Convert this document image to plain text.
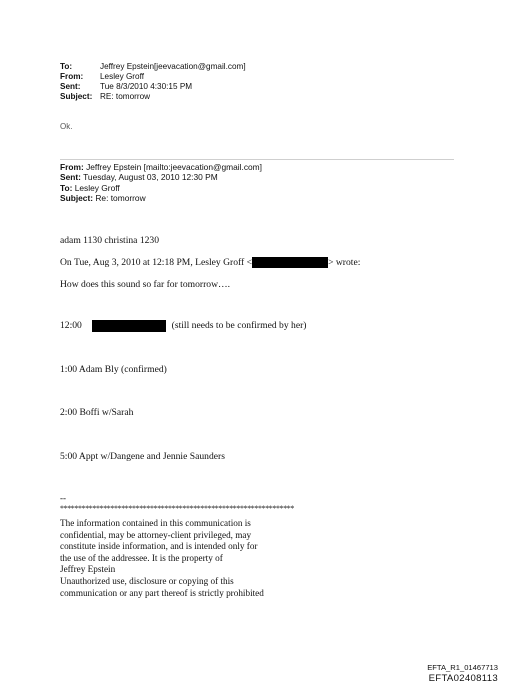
To:	Jeffrey Epstein[jeevacation@gmail.com]
From: Lesley Groff
Sent: Tue 8/3/2010 4:30:15 PM
Subject: RE: tomorrow
Ok.
From: Jeffrey Epstein [mailto:jeevacation@gmail.com]
Sent: Tuesday, August 03, 2010 12:30 PM
To: Lesley Groff
Subject: Re: tomorrow
adam 1130 christina 1230
On Tue, Aug 3, 2010 at 12:18 PM, Lesley Groff <	> wrote:
How does this sound so far for tomorrow….
12:00	(still needs to be confirmed by her)
1:00 Adam Bly (confirmed)
2:00 Boffi w/Sarah
5:00 Appt w/Dangene and Jennie Saunders
--
*****************************************************************
The information contained in this communication is
confidential, may be attorney-client privileged, may
constitute inside information, and is intended only for
the use of the addressee. It is the property of
Jeffrey Epstein
Unauthorized use, disclosure or copying of this
communication or any part thereof is strictly prohibited
EFTA_R1_01467713
EFTA02408113
